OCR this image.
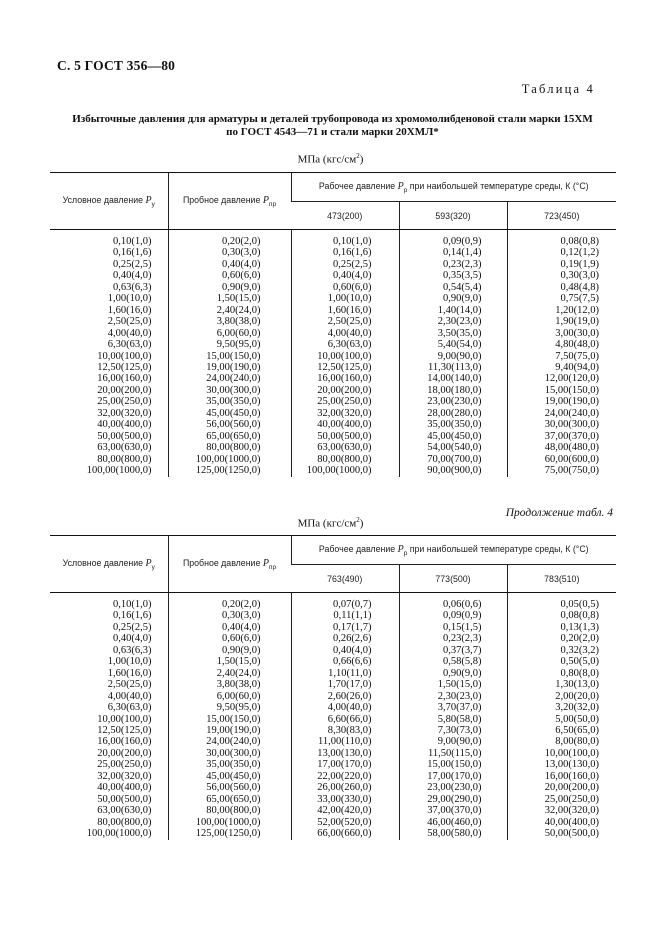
С. 5 ГОСТ 356—80
Таблица 4
Избыточные давления для арматуры и деталей трубопровода из хромомолибденовой стали марки 15ХМ
по ГОСТ 4543—71 и стали марки 20ХМЛ*
МПа $(кгс/см^2)$
Условное давление $P_y$	Пробное давление $P_{пр}$	Рабочее давление $P_р$ при наибольшей температуре среды, К (°С)		
		473(200)	593(320)	723(450)
0,10(1,0)	0,20(2,0)	0,10(1,0)	0,09(0,9)	0,08(0,8)
0,16(1,6)	0,30(3,0)	0,16(1,6)	0,14(1,4)	0,12(1,2)
0,25(2,5)	0,40(4,0)	0,25(2,5)	0,23(2,3)	0,19(1,9)
0,40(4,0)	0,60(6,0)	0,40(4,0)	0,35(3,5)	0,30(3,0)
0,63(6,3)	0,90(9,0)	0,60(6,0)	0,54(5,4)	0,48(4,8)
1,00(10,0)	1,50(15,0)	1,00(10,0)	0,90(9,0)	0,75(7,5)
1,60(16,0)	2,40(24,0)	1,60(16,0)	1,40(14,0)	1,20(12,0)
2,50(25,0)	3,80(38,0)	2,50(25,0)	2,30(23,0)	1,90(19,0)
4,00(40,0)	6,00(60,0)	4,00(40,0)	3,50(35,0)	3,00(30,0)
6,30(63,0)	9,50(95,0)	6,30(63,0)	5,40(54,0)	4,80(48,0)
10,00(100,0)	15,00(150,0)	10,00(100,0)	9,00(90,0)	7,50(75,0)
12,50(125,0)	19,00(190,0)	12,50(125,0)	11,30(113,0)	9,40(94,0)
16,00(160,0)	24,00(240,0)	16,00(160,0)	14,00(140,0)	12,00(120,0)
20,00(200,0)	30,00(300,0)	20,00(200,0)	18,00(180,0)	15,00(150,0)
25,00(250,0)	35,00(350,0)	25,00(250,0)	23,00(230,0)	19,00(190,0)
32,00(320,0)	45,00(450,0)	32,00(320,0)	28,00(280,0)	24,00(240,0)
40,00(400,0)	56,00(560,0)	40,00(400,0)	35,00(350,0)	30,00(300,0)
50,00(500,0)	65,00(650,0)	50,00(500,0)	45,00(450,0)	37,00(370,0)
63,00(630,0)	80,00(800,0)	63,00(630,0)	54,00(540,0)	48,00(480,0)
80,00(800,0)	100,00(1000,0)	80,00(800,0)	70,00(700,0)	60,00(600,0)
100,00(1000,0)	125,00(1250,0)	100,00(1000,0)	90,00(900,0)	75,00(750,0)
Продолжение табл. 4
МПа $(кгс/см^2)$
Условное давление $P_y$	Пробное давление $P_{пр}$	Рабочее давление $P_р$ при наибольшей температуре среды, К (°С)		
		763(490)	773(500)	783(510)
0,10(1,0)	0,20(2,0)	0,07(0,7)	0,06(0,6)	0,05(0,5)
0,16(1,6)	0,30(3,0)	0,11(1,1)	0,09(0,9)	0,08(0,8)
0,25(2,5)	0,40(4,0)	0,17(1,7)	0,15(1,5)	0,13(1,3)
0,40(4,0)	0,60(6,0)	0,26(2,6)	0,23(2,3)	0,20(2,0)
0,63(6,3)	0,90(9,0)	0,40(4,0)	0,37(3,7)	0,32(3,2)
1,00(10,0)	1,50(15,0)	0,66(6,6)	0,58(5,8)	0,50(5,0)
1,60(16,0)	2,40(24,0)	1,10(11,0)	0,90(9,0)	0,80(8,0)
2,50(25,0)	3,80(38,0)	1,70(17,0)	1,50(15,0)	1,30(13,0)
4,00(40,0)	6,00(60,0)	2,60(26,0)	2,30(23,0)	2,00(20,0)
6,30(63,0)	9,50(95,0)	4,00(40,0)	3,70(37,0)	3,20(32,0)
10,00(100,0)	15,00(150,0)	6,60(66,0)	5,80(58,0)	5,00(50,0)
12,50(125,0)	19,00(190,0)	8,30(83,0)	7,30(73,0)	6,50(65,0)
16,00(160,0)	24,00(240,0)	11,00(110,0)	9,00(90,0)	8,00(80,0)
20,00(200,0)	30,00(300,0)	13,00(130,0)	11,50(115,0)	10,00(100,0)
25,00(250,0)	35,00(350,0)	17,00(170,0)	15,00(150,0)	13,00(130,0)
32,00(320,0)	45,00(450,0)	22,00(220,0)	17,00(170,0)	16,00(160,0)
40,00(400,0)	56,00(560,0)	26,00(260,0)	23,00(230,0)	20,00(200,0)
50,00(500,0)	65,00(650,0)	33,00(330,0)	29,00(290,0)	25,00(250,0)
63,00(630,0)	80,00(800,0)	42,00(420,0)	37,00(370,0)	32,00(320,0)
80,00(800,0)	100,00(1000,0)	52,00(520,0)	46,00(460,0)	40,00(400,0)
100,00(1000,0)	125,00(1250,0)	66,00(660,0)	58,00(580,0)	50,00(500,0)
